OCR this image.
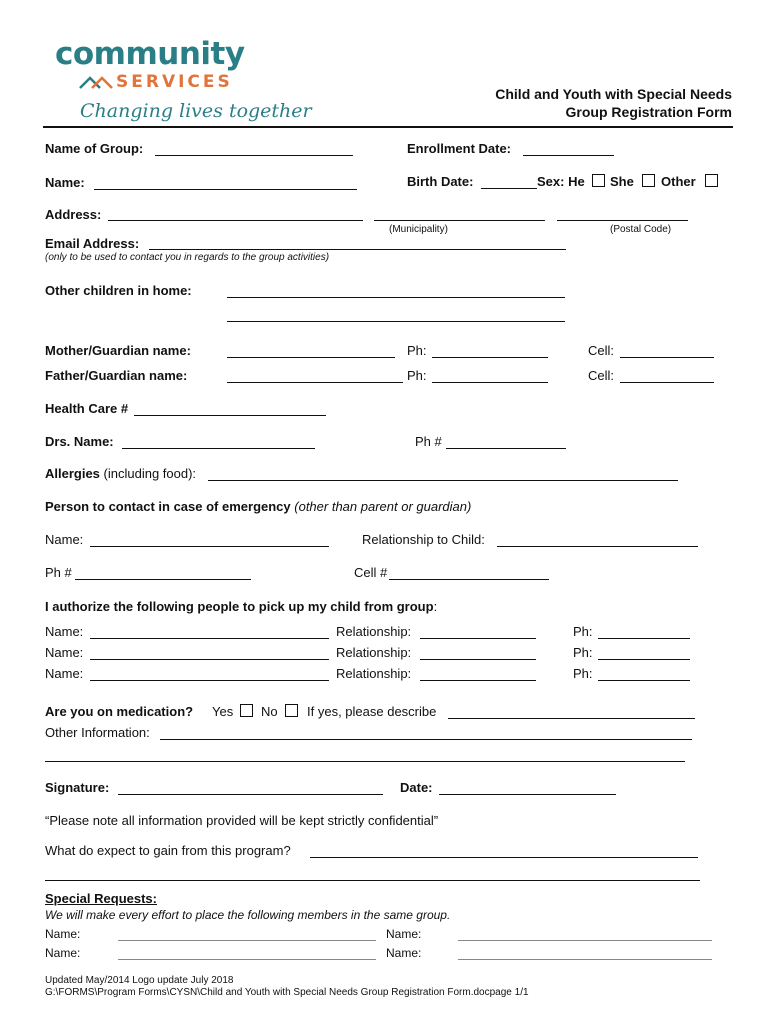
community
SERVICES
Changing lives together
Child and Youth with Special Needs
Group Registration Form
Name of Group:	Enrollment Date:
Name:	Birth Date:	Sex: He She Other
Address:
(Municipality)	(Postal Code)
Email Address:
(only to be used to contact you in regards to the group activities)
Other children in home:
Mother/Guardian name:	Ph:	Cell:
Father/Guardian name:	Ph:	Cell:
Health Care #
Drs. Name:	Ph #
Allergies (including food):
Person to contact in case of emergency (other than parent or guardian)
Name:	Relationship to Child:
Ph #	Cell #
I authorize the following people to pick up my child from group:
Name:	Relationship:	Ph:
Name:	Relationship:	Ph:
Name:	Relationship:	Ph:
Are you on medication? Yes No If yes, please describe
Other Information:
Signature:	Date:
“Please note all information provided will be kept strictly confidential”
What do expect to gain from this program?
Special Requests:
We will make every effort to place the following members in the same group.
Name:	Name:
Name:	Name:
Updated May/2014 Logo update July 2018
G:\FORMS\Program Forms\CYSN\Child and Youth with Special Needs Group Registration Form.docpage 1/1
